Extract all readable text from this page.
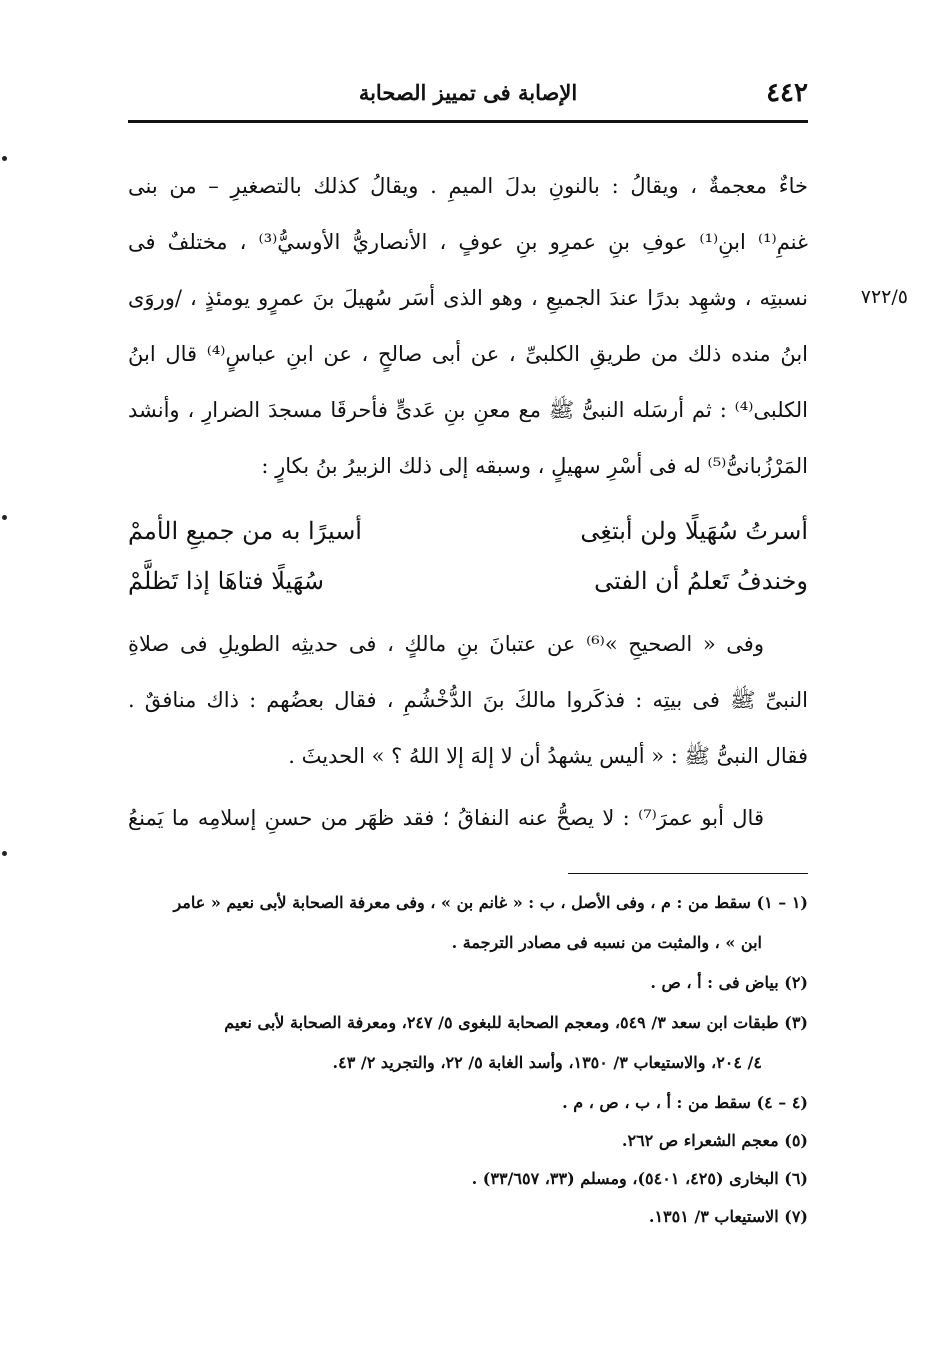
٤٤٢
الإصابة فى تمييز الصحابة
٧٢٢/٥
خاءٌ معجمةٌ ، ويقالُ : بالنونِ بدلَ الميمِ . ويقالُ كذلك بالتصغيرِ – من بنى
غنمِ⁽¹⁾ ابنِ⁽¹⁾ عوفِ بنِ عمرِو بنِ عوفٍ ، الأنصاريُّ الأوسيُّ⁽³⁾ ، مختلفٌ فى
نسبتِه ، وشهِد بدرًا عندَ الجميعِ ، وهو الذى أسَر سُهيلَ بنَ عمرٍو يومئذٍ ، /وروَى
ابنُ منده ذلك من طريقِ الكلبىِّ ، عن أبى صالحٍ ، عن ابنِ عباسٍ⁽⁴⁾ قال ابنُ
الكلبى⁽⁴⁾ : ثم أرسَله النبىُّ ﷺ مع معنِ بنِ عَدىٍّ فأحرقَا مسجدَ الضرارِ ، وأنشد
المَرْزُبانىُّ⁽⁵⁾ له فى أسْرِ سهيلٍ ، وسبقه إلى ذلك الزبيرُ بنُ بكارٍ :
أسرتُ سُهَيلًا ولن أبتغِى
أسيرًا به من جميعِ الأممْ
وخندفُ تَعلمُ أن الفتى
سُهَيلًا فتاهَا إذا تَظلَّمْ
وفى « الصحيحِ »⁽⁶⁾ عن عتبانَ بنِ مالكٍ ، فى حديثِه الطويلِ فى صلاةِ
النبىِّ ﷺ فى بيتِه : فذكَروا مالكَ بنَ الدُّخْشُمِ ، فقال بعضُهم : ذاك منافقٌ .
فقال النبىُّ ﷺ : « أليس يشهدُ أن لا إلهَ إلا اللهُ ؟ » الحديثَ .
قال أبو عمرَ⁽⁷⁾ : لا يصحُّ عنه النفاقُ ؛ فقد ظهَر من حسنِ إسلامِه ما يَمنعُ
(١ – ١) سقط من : م ، وفى الأصل ، ب : « غانم بن » ، وفى معرفة الصحابة لأبى نعيم « عامر
ابن » ، والمثبت من نسبه فى مصادر الترجمة .
(٢) بياض فى : أ ، ص .
(٣) طبقات ابن سعد ٣/ ٥٤٩، ومعجم الصحابة للبغوى ٥/ ٢٤٧، ومعرفة الصحابة لأبى نعيم
٤/ ٢٠٤، والاستيعاب ٣/ ١٣٥٠، وأسد الغابة ٥/ ٢٢، والتجريد ٢/ ٤٣.
(٤ – ٤) سقط من : أ ، ب ، ص ، م .
(٥) معجم الشعراء ص ٢٦٢.
(٦) البخارى (٤٢٥، ٥٤٠١)، ومسلم (٣٣، ٣٣/٦٥٧) .
(٧) الاستيعاب ٣/ ١٣٥١.
